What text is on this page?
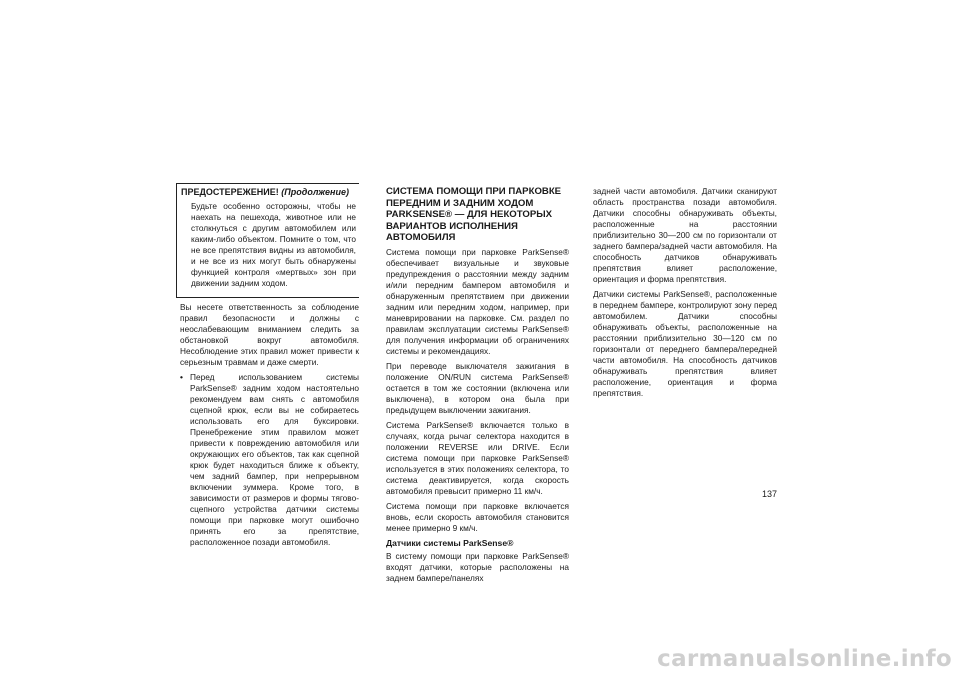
ПРЕДОСТЕРЕЖЕНИЕ! (Продолжение)

Будьте особенно осторожны, чтобы не наехать на пешехода, животное или не столкнуться с другим автомобилем или каким-либо объектом. Помните о том, что не все препятствия видны из автомобиля, и не все из них могут быть обнаружены функцией контроля «мертвых» зон при движении задним ходом.

Вы несете ответственность за соблюдение правил безопасности и должны с неослабевающим вниманием следить за обстановкой вокруг автомобиля. Несоблюдение этих правил может привести к серьезным травмам и даже смерти.

• Перед использованием системы ParkSense® задним ходом настоятельно рекомендуем вам снять с автомобиля сцепной крюк, если вы не собираетесь использовать его для буксировки. Пренебрежение этим правилом может привести к повреждению автомобиля или окружающих его объектов, так как сцепной крюк будет находиться ближе к объекту, чем задний бампер, при непрерывном включении зуммера. Кроме того, в зависимости от размеров и формы тягово-сцепного устройства датчики системы помощи при парковке могут ошибочно принять его за препятствие, расположенное позади автомобиля.

СИСТЕМА ПОМОЩИ ПРИ ПАРКОВКЕ ПЕРЕДНИМ И ЗАДНИМ ХОДОМ PARKSENSE® — ДЛЯ НЕКОТОРЫХ ВАРИАНТОВ ИСПОЛНЕНИЯ АВТОМОБИЛЯ

Система помощи при парковке ParkSense® обеспечивает визуальные и звуковые предупреждения о расстоянии между задним и/или передним бампером автомобиля и обнаруженным препятствием при движении задним или передним ходом, например, при маневрировании на парковке. См. раздел по правилам эксплуатации системы ParkSense® для получения информации об ограничениях системы и рекомендациях.

При переводе выключателя зажигания в положение ON/RUN система ParkSense® остается в том же состоянии (включена или выключена), в котором она была при предыдущем выключении зажигания.

Система ParkSense® включается только в случаях, когда рычаг селектора находится в положении REVERSE или DRIVE. Если система помощи при парковке ParkSense® используется в этих положениях селектора, то система деактивируется, когда скорость автомобиля превысит примерно 11 км/ч.

Система помощи при парковке включается вновь, если скорость автомобиля становится менее примерно 9 км/ч.

Датчики системы ParkSense®

В систему помощи при парковке ParkSense® входят датчики, которые расположены на заднем бампере/панелях

задней части автомобиля. Датчики сканируют область пространства позади автомобиля. Датчики способны обнаруживать объекты, расположенные на расстоянии приблизительно 30—200 см по горизонтали от заднего бампера/задней части автомобиля. На способность датчиков обнаруживать препятствия влияет расположение, ориентация и форма препятствия.

Датчики системы ParkSense®, расположенные в переднем бампере, контролируют зону перед автомобилем. Датчики способны обнаруживать объекты, расположенные на расстоянии приблизительно 30—120 см по горизонтали от переднего бампера/передней части автомобиля. На способность датчиков обнаруживать препятствия влияет расположение, ориентация и форма препятствия.

137
carmanualsonline.info
